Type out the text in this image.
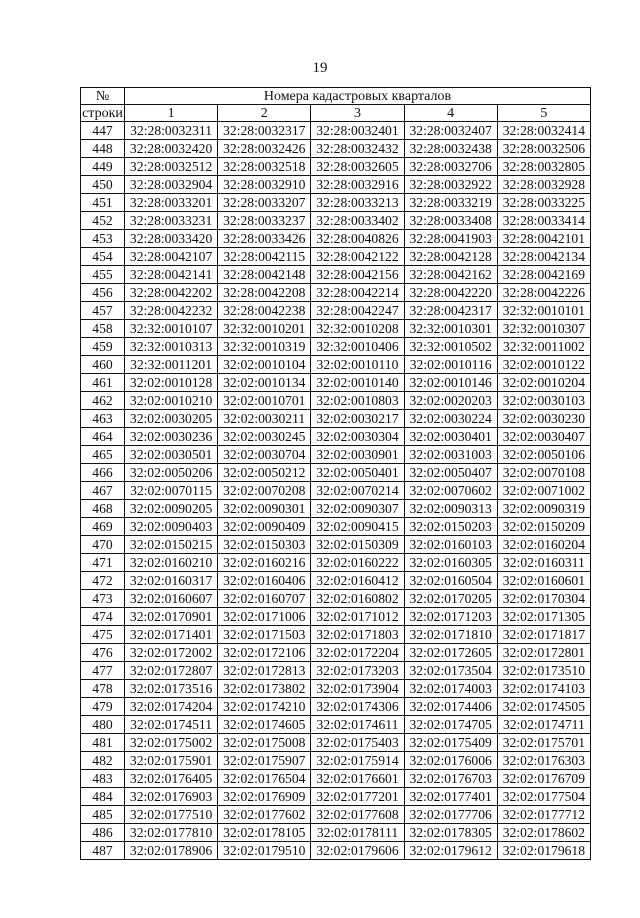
19
№	Номера кадастровых кварталов				
строки	1	2	3	4	5
447	32:28:0032311	32:28:0032317	32:28:0032401	32:28:0032407	32:28:0032414
448	32:28:0032420	32:28:0032426	32:28:0032432	32:28:0032438	32:28:0032506
449	32:28:0032512	32:28:0032518	32:28:0032605	32:28:0032706	32:28:0032805
450	32:28:0032904	32:28:0032910	32:28:0032916	32:28:0032922	32:28:0032928
451	32:28:0033201	32:28:0033207	32:28:0033213	32:28:0033219	32:28:0033225
452	32:28:0033231	32:28:0033237	32:28:0033402	32:28:0033408	32:28:0033414
453	32:28:0033420	32:28:0033426	32:28:0040826	32:28:0041903	32:28:0042101
454	32:28:0042107	32:28:0042115	32:28:0042122	32:28:0042128	32:28:0042134
455	32:28:0042141	32:28:0042148	32:28:0042156	32:28:0042162	32:28:0042169
456	32:28:0042202	32:28:0042208	32:28:0042214	32:28:0042220	32:28:0042226
457	32:28:0042232	32:28:0042238	32:28:0042247	32:28:0042317	32:32:0010101
458	32:32:0010107	32:32:0010201	32:32:0010208	32:32:0010301	32:32:0010307
459	32:32:0010313	32:32:0010319	32:32:0010406	32:32:0010502	32:32:0011002
460	32:32:0011201	32:02:0010104	32:02:0010110	32:02:0010116	32:02:0010122
461	32:02:0010128	32:02:0010134	32:02:0010140	32:02:0010146	32:02:0010204
462	32:02:0010210	32:02:0010701	32:02:0010803	32:02:0020203	32:02:0030103
463	32:02:0030205	32:02:0030211	32:02:0030217	32:02:0030224	32:02:0030230
464	32:02:0030236	32:02:0030245	32:02:0030304	32:02:0030401	32:02:0030407
465	32:02:0030501	32:02:0030704	32:02:0030901	32:02:0031003	32:02:0050106
466	32:02:0050206	32:02:0050212	32:02:0050401	32:02:0050407	32:02:0070108
467	32:02:0070115	32:02:0070208	32:02:0070214	32:02:0070602	32:02:0071002
468	32:02:0090205	32:02:0090301	32:02:0090307	32:02:0090313	32:02:0090319
469	32:02:0090403	32:02:0090409	32:02:0090415	32:02:0150203	32:02:0150209
470	32:02:0150215	32:02:0150303	32:02:0150309	32:02:0160103	32:02:0160204
471	32:02:0160210	32:02:0160216	32:02:0160222	32:02:0160305	32:02:0160311
472	32:02:0160317	32:02:0160406	32:02:0160412	32:02:0160504	32:02:0160601
473	32:02:0160607	32:02:0160707	32:02:0160802	32:02:0170205	32:02:0170304
474	32:02:0170901	32:02:0171006	32:02:0171012	32:02:0171203	32:02:0171305
475	32:02:0171401	32:02:0171503	32:02:0171803	32:02:0171810	32:02:0171817
476	32:02:0172002	32:02:0172106	32:02:0172204	32:02:0172605	32:02:0172801
477	32:02:0172807	32:02:0172813	32:02:0173203	32:02:0173504	32:02:0173510
478	32:02:0173516	32:02:0173802	32:02:0173904	32:02:0174003	32:02:0174103
479	32:02:0174204	32:02:0174210	32:02:0174306	32:02:0174406	32:02:0174505
480	32:02:0174511	32:02:0174605	32:02:0174611	32:02:0174705	32:02:0174711
481	32:02:0175002	32:02:0175008	32:02:0175403	32:02:0175409	32:02:0175701
482	32:02:0175901	32:02:0175907	32:02:0175914	32:02:0176006	32:02:0176303
483	32:02:0176405	32:02:0176504	32:02:0176601	32:02:0176703	32:02:0176709
484	32:02:0176903	32:02:0176909	32:02:0177201	32:02:0177401	32:02:0177504
485	32:02:0177510	32:02:0177602	32:02:0177608	32:02:0177706	32:02:0177712
486	32:02:0177810	32:02:0178105	32:02:0178111	32:02:0178305	32:02:0178602
487	32:02:0178906	32:02:0179510	32:02:0179606	32:02:0179612	32:02:0179618
